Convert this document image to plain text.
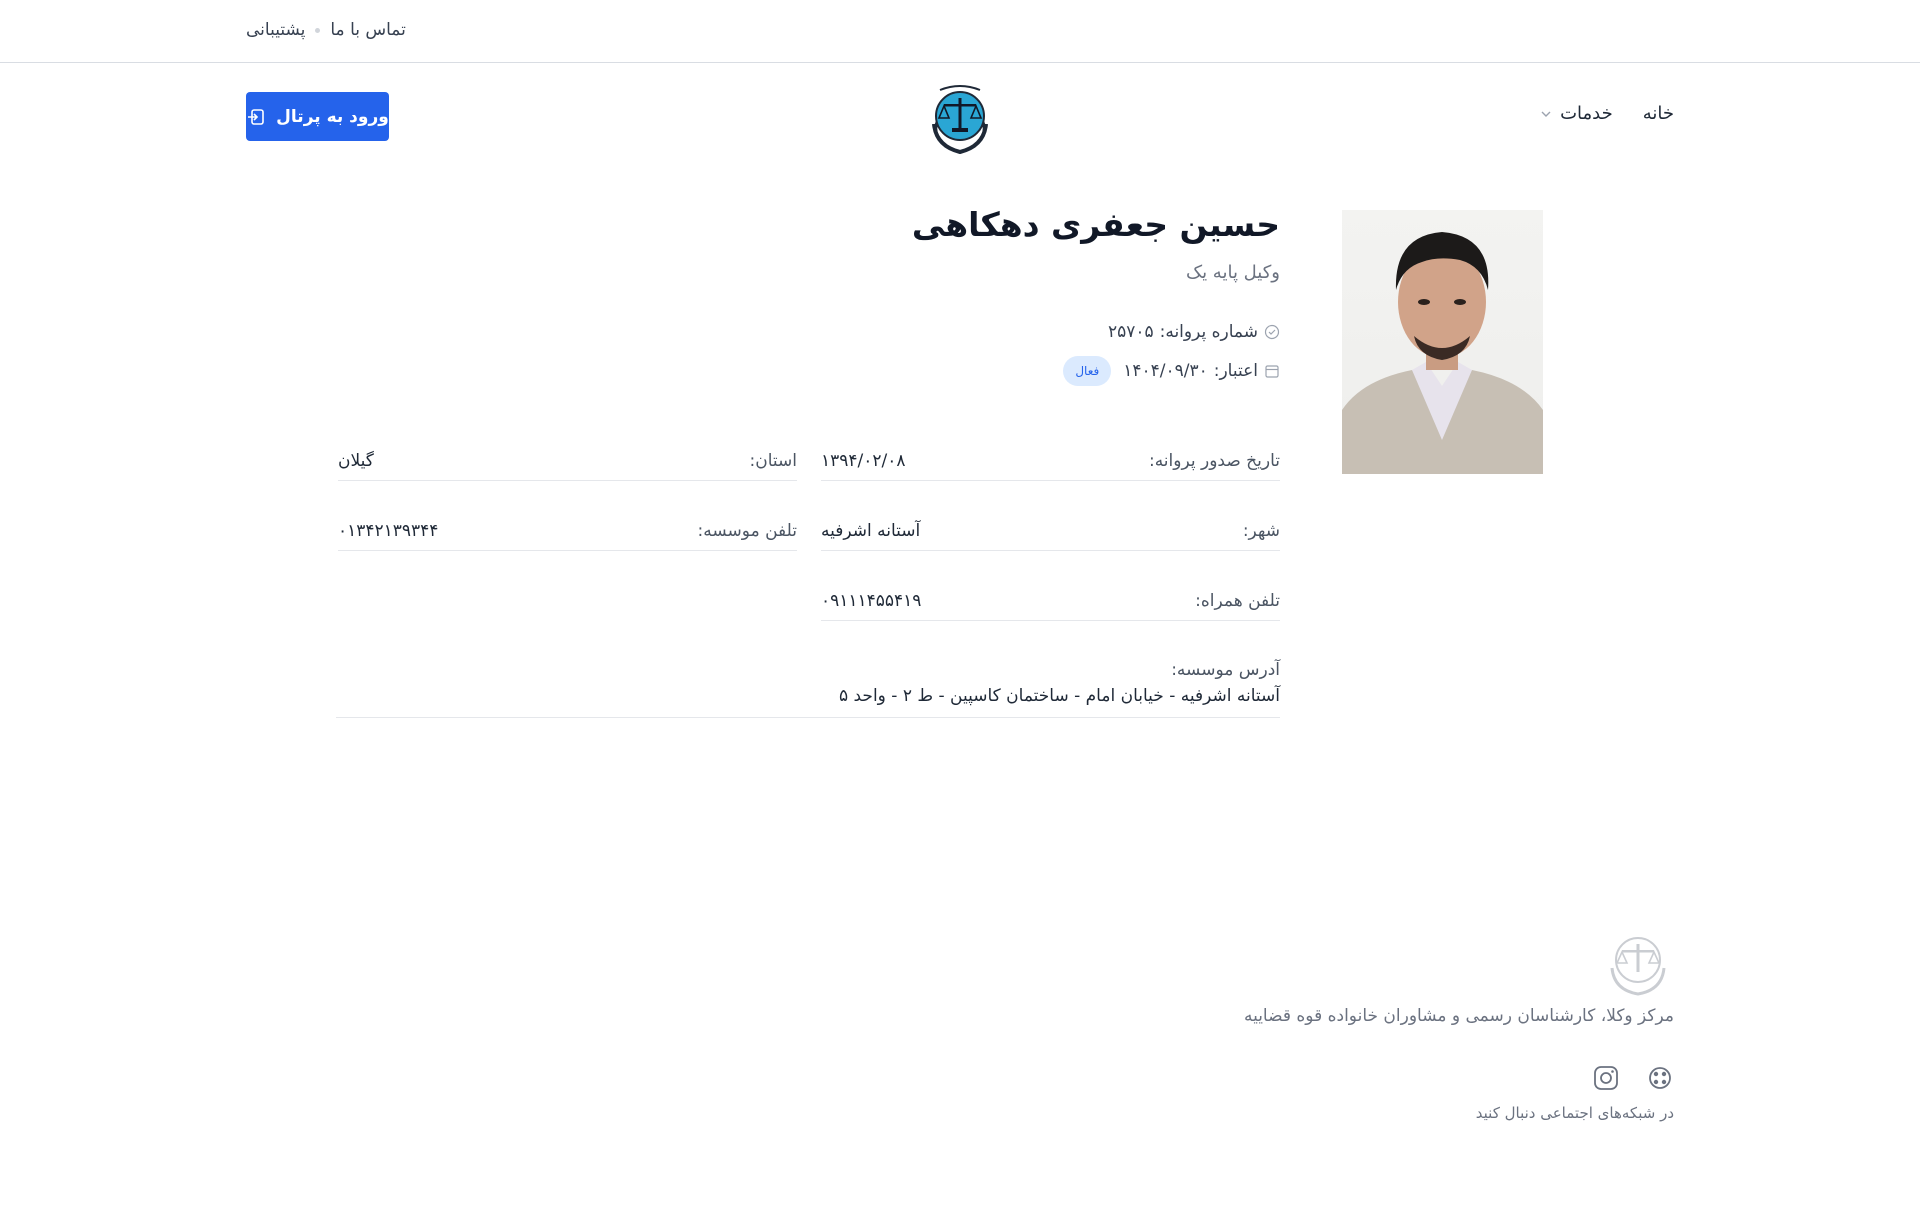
پشتیبانی تماس با ما
خانه
خدمات
ورود به پرتال
حسین جعفری دهکاهی
وکیل پایه یک
شماره پروانه:
۲۵۷۰۵
اعتبار:
۱۴۰۴/۰۹/۳۰
فعال
تاریخ صدور پروانه:
۱۳۹۴/۰۲/۰۸
استان:
گیلان
شهر:
آستانه اشرفیه
تلفن موسسه:
۰۱۳۴۲۱۳۹۳۴۴
تلفن همراه:
۰۹۱۱۱۴۵۵۴۱۹
آدرس موسسه:
آستانه اشرفیه - خیابان امام - ساختمان کاسپین - ط ۲ - واحد ۵
مرکز وکلا، کارشناسان رسمی و مشاوران خانواده قوه قضاییه
در شبکه‌های اجتماعی دنبال کنید
